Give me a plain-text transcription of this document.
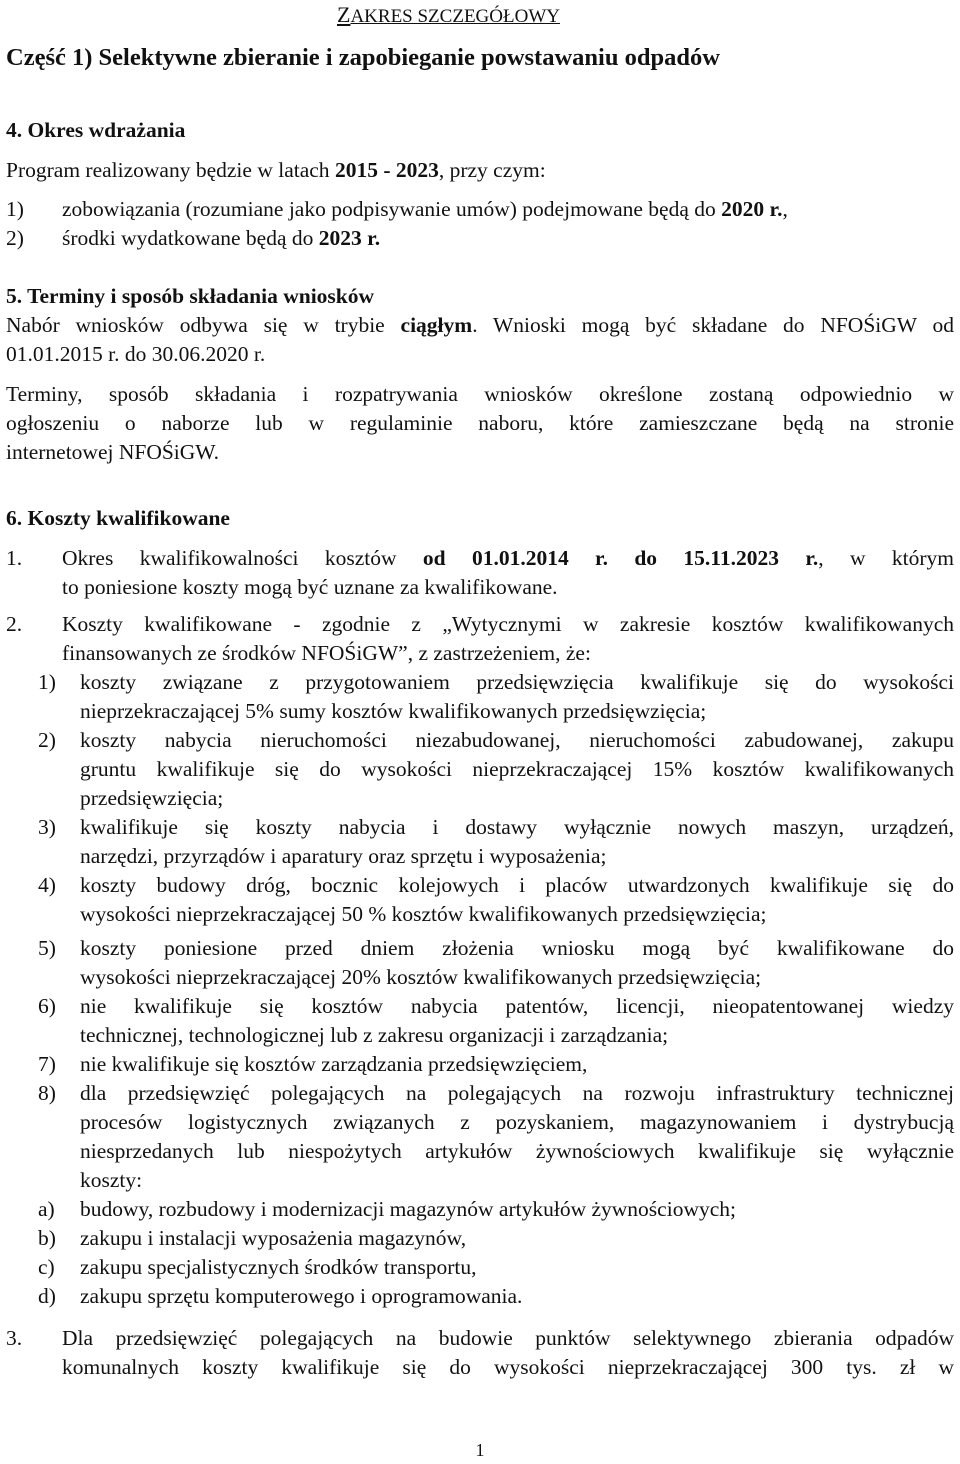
ZAKRES SZCZEGÓŁOWY
Część 1) Selektywne zbieranie i zapobieganie powstawaniu odpadów
4. Okres wdrażania
Program realizowany będzie w latach 2015 - 2023, przy czym:
1) zobowiązania (rozumiane jako podpisywanie umów) podejmowane będą do 2020 r.,
2) środki wydatkowane będą do 2023 r.
5. Terminy i sposób składania wniosków
Nabór wniosków odbywa się w trybie ciągłym. Wnioski mogą być składane do NFOŚiGW od
01.01.2015 r. do 30.06.2020 r.
Terminy, sposób składania i rozpatrywania wniosków określone zostaną odpowiednio w
ogłoszeniu o naborze lub w regulaminie naboru, które zamieszczane będą na stronie
internetowej NFOŚiGW.
6. Koszty kwalifikowane
1. Okres kwalifikowalności kosztów od 01.01.2014 r. do 15.11.2023 r., w którym
to poniesione koszty mogą być uznane za kwalifikowane.
2. Koszty kwalifikowane - zgodnie z „Wytycznymi w zakresie kosztów kwalifikowanych
finansowanych ze środków NFOŚiGW”, z zastrzeżeniem, że:
1) koszty związane z przygotowaniem przedsięwzięcia kwalifikuje się do wysokości
nieprzekraczającej 5% sumy kosztów kwalifikowanych przedsięwzięcia;
2) koszty nabycia nieruchomości niezabudowanej, nieruchomości zabudowanej, zakupu
gruntu kwalifikuje się do wysokości nieprzekraczającej 15% kosztów kwalifikowanych
przedsięwzięcia;
3) kwalifikuje się koszty nabycia i dostawy wyłącznie nowych maszyn, urządzeń,
narzędzi, przyrządów i aparatury oraz sprzętu i wyposażenia;
4) koszty budowy dróg, bocznic kolejowych i placów utwardzonych kwalifikuje się do
wysokości nieprzekraczającej 50 % kosztów kwalifikowanych przedsięwzięcia;
5) koszty poniesione przed dniem złożenia wniosku mogą być kwalifikowane do
wysokości nieprzekraczającej 20% kosztów kwalifikowanych przedsięwzięcia;
6) nie kwalifikuje się kosztów nabycia patentów, licencji, nieopatentowanej wiedzy
technicznej, technologicznej lub z zakresu organizacji i zarządzania;
7) nie kwalifikuje się kosztów zarządzania przedsięwzięciem,
8) dla przedsięwzięć polegających na polegających na rozwoju infrastruktury technicznej
procesów logistycznych związanych z pozyskaniem, magazynowaniem i dystrybucją
niesprzedanych lub niespożytych artykułów żywnościowych kwalifikuje się wyłącznie
koszty:
a) budowy, rozbudowy i modernizacji magazynów artykułów żywnościowych;
b) zakupu i instalacji wyposażenia magazynów,
c) zakupu specjalistycznych środków transportu,
d) zakupu sprzętu komputerowego i oprogramowania.
3. Dla przedsięwzięć polegających na budowie punktów selektywnego zbierania odpadów
komunalnych koszty kwalifikuje się do wysokości nieprzekraczającej 300 tys. zł w
1
